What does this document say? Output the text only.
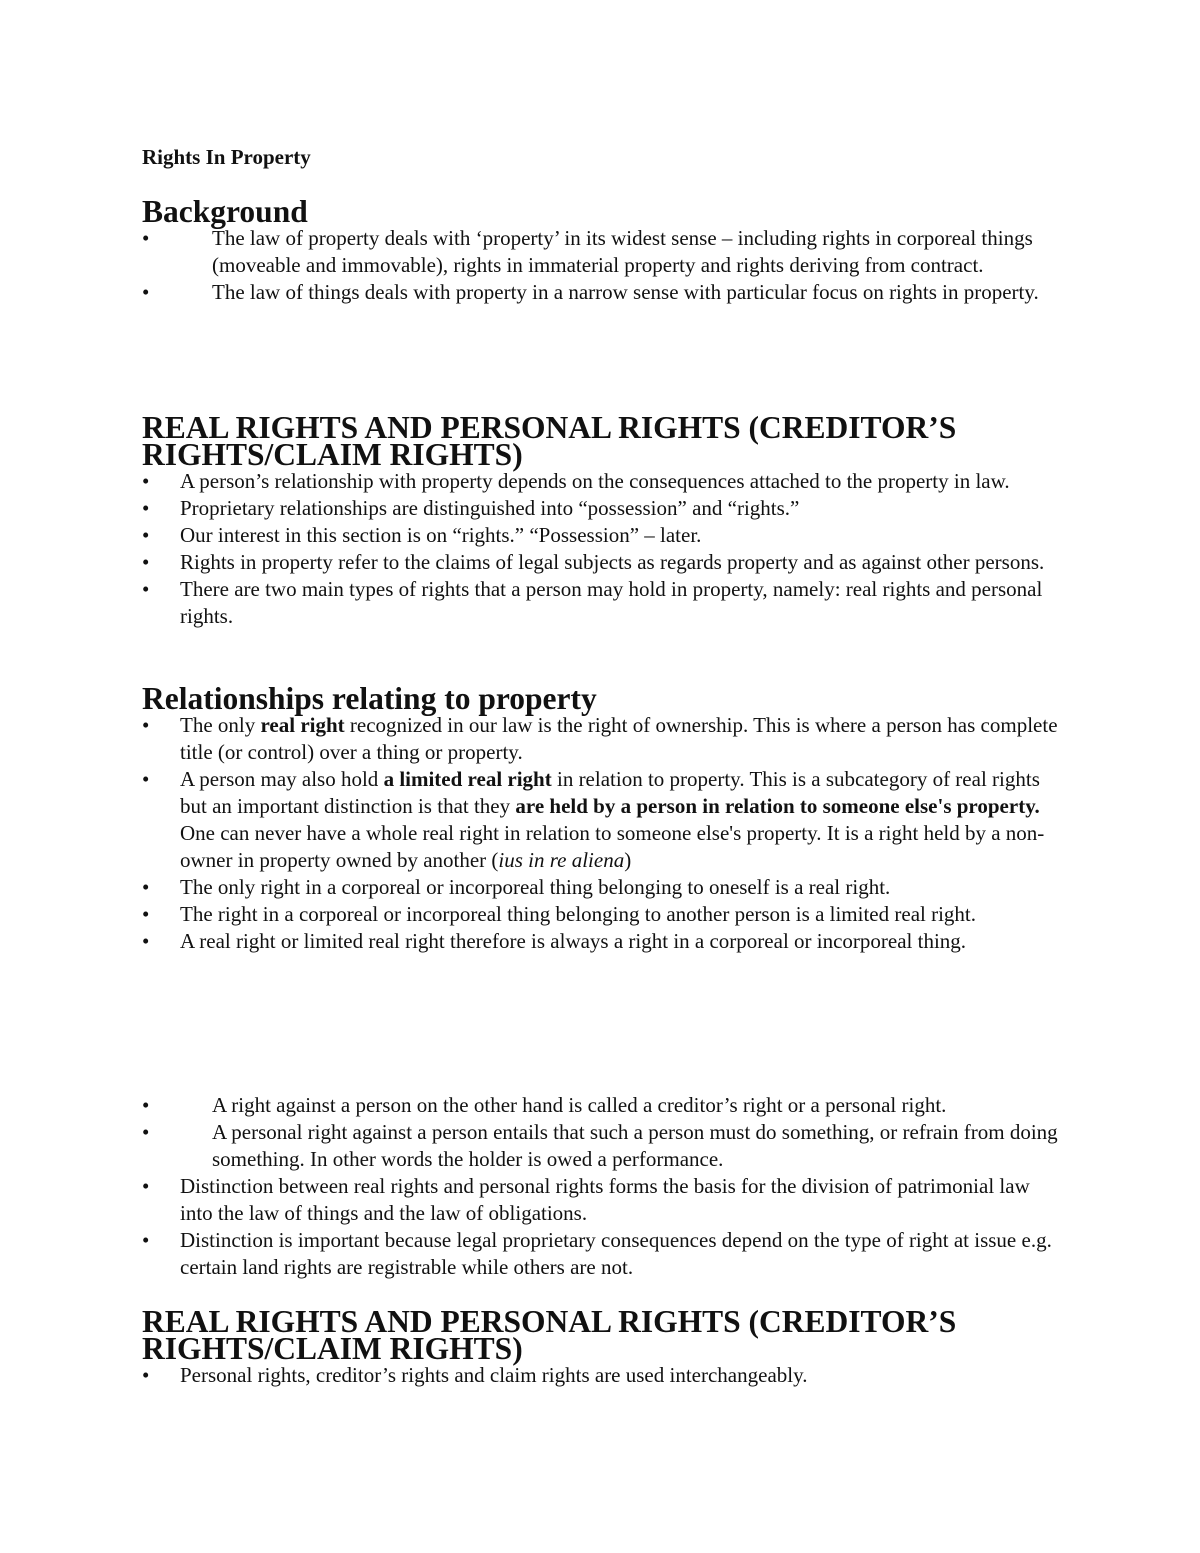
Rights In Property
Background
•	The law of property deals with ‘property’ in its widest sense – including rights in corporeal things (moveable and immovable), rights in immaterial property and rights deriving from contract.
•	The law of things deals with property in a narrow sense with particular focus on rights in property.
REAL RIGHTS AND PERSONAL RIGHTS (CREDITOR’S RIGHTS/CLAIM RIGHTS)
•	A person’s relationship with property depends on the consequences attached to the property in law.
•	Proprietary relationships are distinguished into “possession” and “rights.”
•	Our interest in this section is on “rights.” “Possession” – later.
•	Rights in property refer to the claims of legal subjects as regards property and as against other persons.
•	There are two main types of rights that a person may hold in property, namely: real rights and personal rights.
Relationships relating to property
•	The only real right recognized in our law is the right of ownership. This is where a person has complete title (or control) over a thing or property.
•	A person may also hold a limited real right in relation to property. This is a subcategory of real rights but an important distinction is that they are held by a person in relation to someone else's property. One can never have a whole real right in relation to someone else's property. It is a right held by a non-owner in property owned by another (ius in re aliena)
•	The only right in a corporeal or incorporeal thing belonging to oneself is a real right.
•	The right in a corporeal or incorporeal thing belonging to another person is a limited real right.
•	A real right or limited real right therefore is always a right in a corporeal or incorporeal thing.
•	A right against a person on the other hand is called a creditor’s right or a personal right.
•	A personal right against a person entails that such a person must do something, or refrain from doing something. In other words the holder is owed a performance.
•	Distinction between real rights and personal rights forms the basis for the division of patrimonial law into the law of things and the law of obligations.
•	Distinction is important because legal proprietary consequences depend on the type of right at issue e.g. certain land rights are registrable while others are not.
REAL RIGHTS AND PERSONAL RIGHTS (CREDITOR’S RIGHTS/CLAIM RIGHTS)
•	Personal rights, creditor’s rights and claim rights are used interchangeably.
